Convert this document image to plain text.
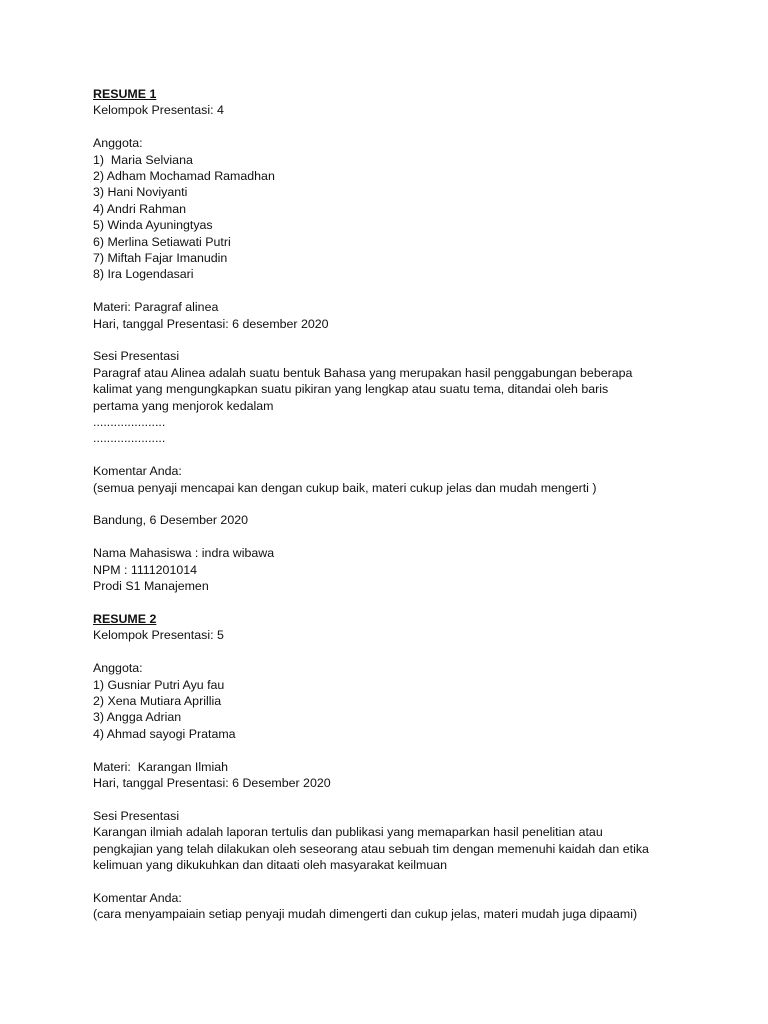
RESUME 1
Kelompok Presentasi: 4
Anggota:
1)  Maria Selviana
2) Adham Mochamad Ramadhan
3) Hani Noviyanti
4) Andri Rahman
5) Winda Ayuningtyas
6) Merlina Setiawati Putri
7) Miftah Fajar Imanudin
8) Ira Logendasari
Materi: Paragraf alinea
Hari, tanggal Presentasi: 6 desember 2020
Sesi Presentasi
Paragraf atau Alinea adalah suatu bentuk Bahasa yang merupakan hasil penggabungan beberapa
kalimat yang mengungkapkan suatu pikiran yang lengkap atau suatu tema, ditandai oleh baris
pertama yang menjorok kedalam
.....................
.....................
Komentar Anda:
(semua penyaji mencapai kan dengan cukup baik, materi cukup jelas dan mudah mengerti )
Bandung, 6 Desember 2020
Nama Mahasiswa : indra wibawa
NPM : 1111201014
Prodi S1 Manajemen
RESUME 2
Kelompok Presentasi: 5
Anggota:
1) Gusniar Putri Ayu fau
2) Xena Mutiara Aprillia
3) Angga Adrian
4) Ahmad sayogi Pratama
Materi:  Karangan Ilmiah
Hari, tanggal Presentasi: 6 Desember 2020
Sesi Presentasi
Karangan ilmiah adalah laporan tertulis dan publikasi yang memaparkan hasil penelitian atau
pengkajian yang telah dilakukan oleh seseorang atau sebuah tim dengan memenuhi kaidah dan etika
kelimuan yang dikukuhkan dan ditaati oleh masyarakat keilmuan
Komentar Anda:
(cara menyampaiain setiap penyaji mudah dimengerti dan cukup jelas, materi mudah juga dipaami)
